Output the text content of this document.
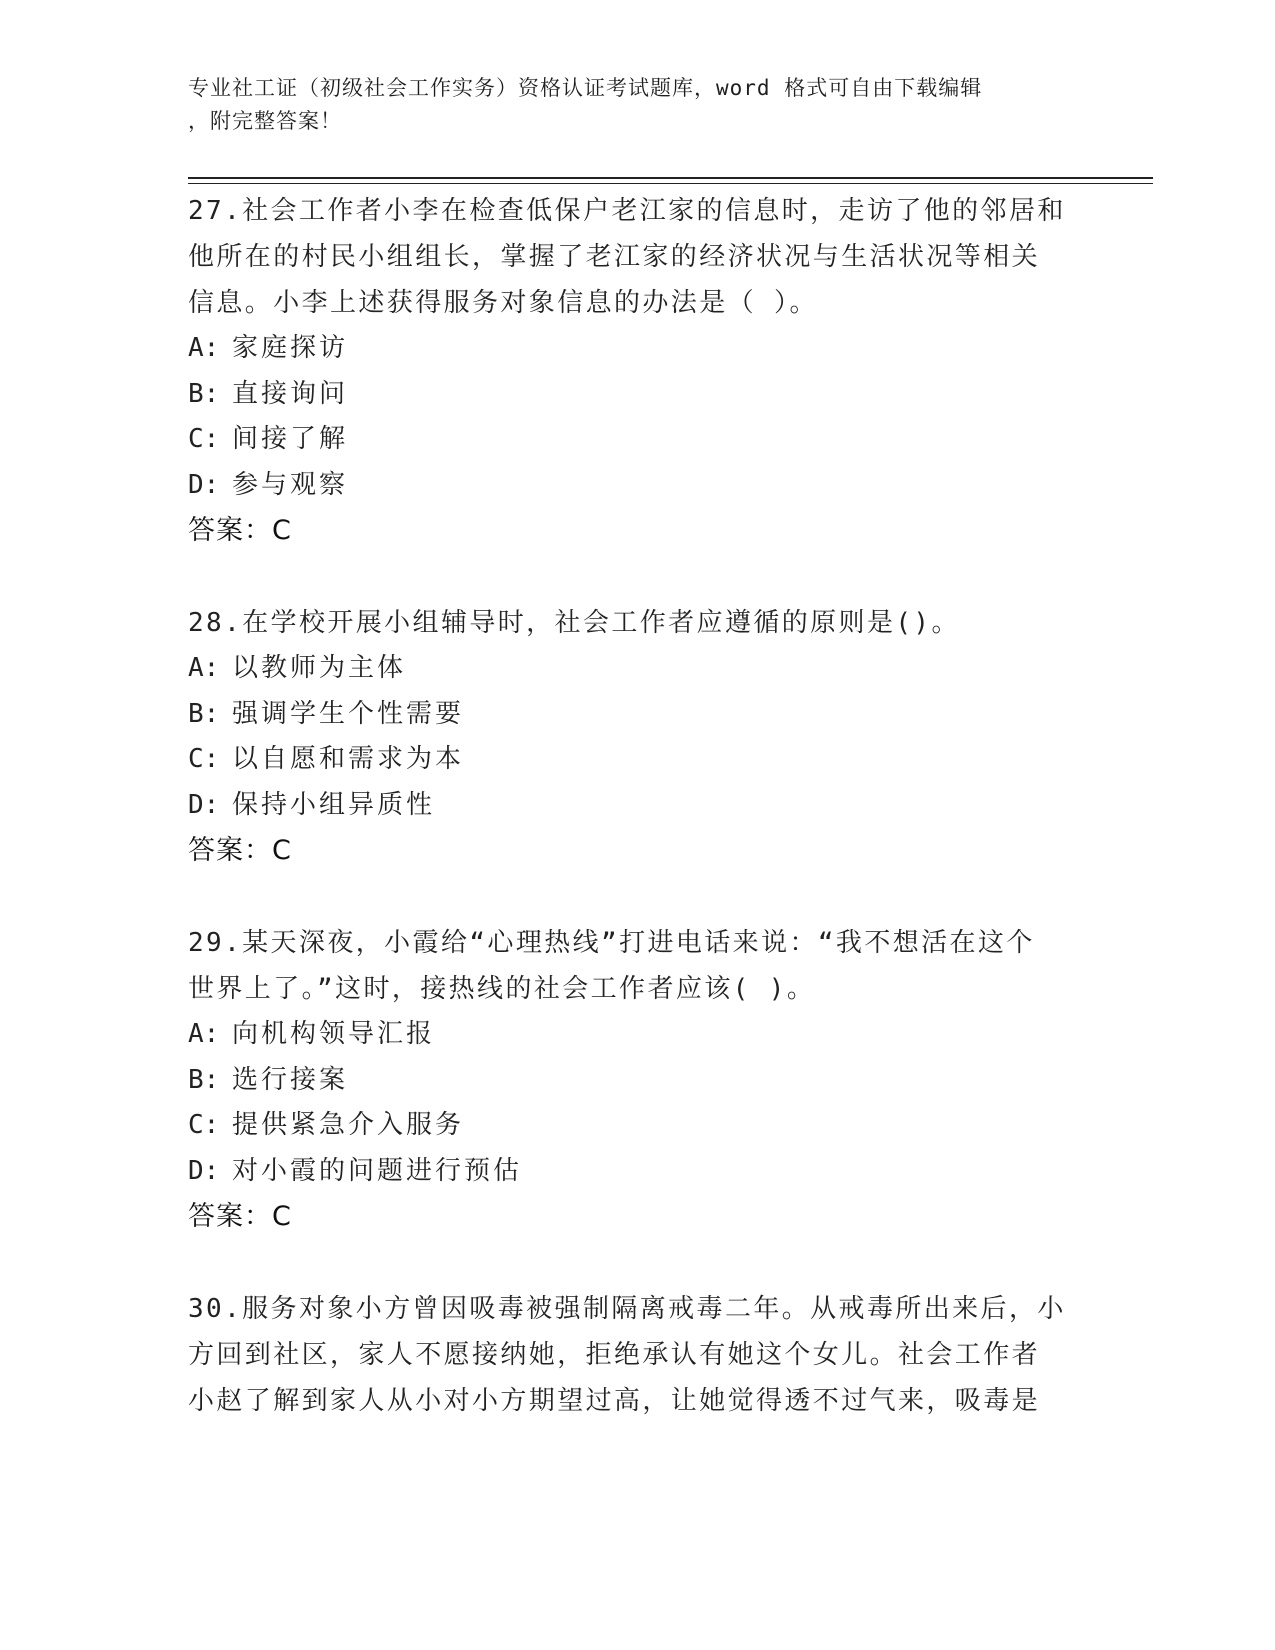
专业社工证（初级社会工作实务）资格认证考试题库，word 格式可自由下载编辑

，附完整答案！

27.社会工作者小李在检查低保户老江家的信息时，走访了他的邻居和
他所在的村民小组组长，掌握了老江家的经济状况与生活状况等相关
信息。小李上述获得服务对象信息的办法是（ ）。
A: 家庭探访
B: 直接询问
C: 间接了解
D: 参与观察
答案：C
28.在学校开展小组辅导时，社会工作者应遵循的原则是()。
A: 以教师为主体
B: 强调学生个性需要
C: 以自愿和需求为本
D: 保持小组异质性
答案：C
29.某天深夜，小霞给“心理热线”打进电话来说：“我不想活在这个
世界上了。”这时，接热线的社会工作者应该( )。
A: 向机构领导汇报
B: 选行接案
C: 提供紧急介入服务
D: 对小霞的问题进行预估
答案：C
30.服务对象小方曾因吸毒被强制隔离戒毒二年。从戒毒所出来后，小
方回到社区，家人不愿接纳她，拒绝承认有她这个女儿。社会工作者
小赵了解到家人从小对小方期望过高，让她觉得透不过气来，吸毒是
